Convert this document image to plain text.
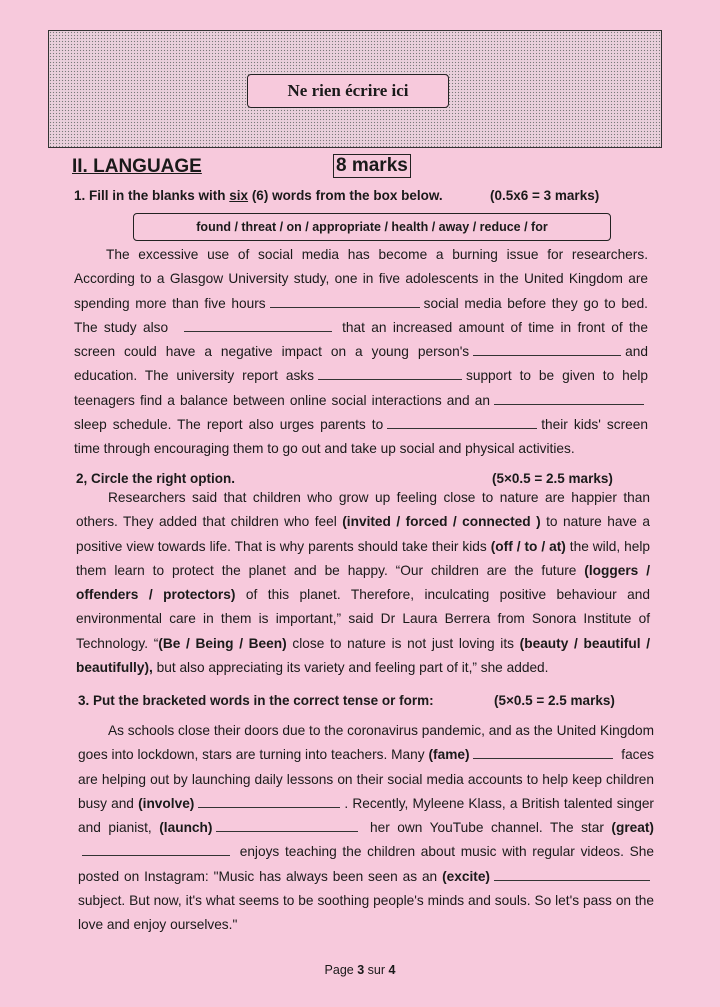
Ne rien écrire ici
II. LANGUAGE	8 marks
1. Fill in the blanks with six (6) words from the box below.	(0.5x6 = 3 marks)
found / threat / on / appropriate / health / away / reduce / for

The excessive use of social media has become a burning issue for researchers. According to a Glasgow University study, one in five adolescents in the United Kingdom are spending more than five hours	social media before they go to bed. The study also	that an increased amount of time in front of the screen could have a negative impact on a young person's	and education. The university report asks	support to be given to help teenagers find a balance between online social interactions and ansleep schedule. The report also urges parents to	their kids' screen time through encouraging them to go out and take up social and physical activities.

2, Circle the right option.	(5×0.5 = 2.5 marks)

Researchers said that children who grow up feeling close to nature are happier than others. They added that children who feel (invited / forced / connected ) to nature have a positive view towards life. That is why parents should take their kids (off / to / at) the wild, help them learn to protect the planet and be happy. “Our children are the future (loggers / offenders / protectors) of this planet. Therefore, inculcating positive behaviour and environmental care in them is important,” said Dr Laura Berrera from Sonora Institute of Technology. “(Be / Being / Been) close to nature is not just loving its (beauty / beautiful / beautifully), but also appreciating its variety and feeling part of it,” she added.

3. Put the bracketed words in the correct tense or form:	(5×0.5 = 2.5 marks)

As schools close their doors due to the coronavirus pandemic, and as the United Kingdom goes into lockdown, stars are turning into teachers. Many (fame)	faces are helping out by launching daily lessons on their social media accounts to help keep children busy and (involve)	. Recently, Myleene Klass, a British talented singer and pianist, (launch)	her own YouTube channel. The star (great) enjoys teaching the children about music with regular videos. She posted on Instagram: "Music has always been seen as an (excite) subject. But now, it's what seems to be soothing people's minds and souls. So let's pass on the love and enjoy ourselves."

Page 3 sur 4
